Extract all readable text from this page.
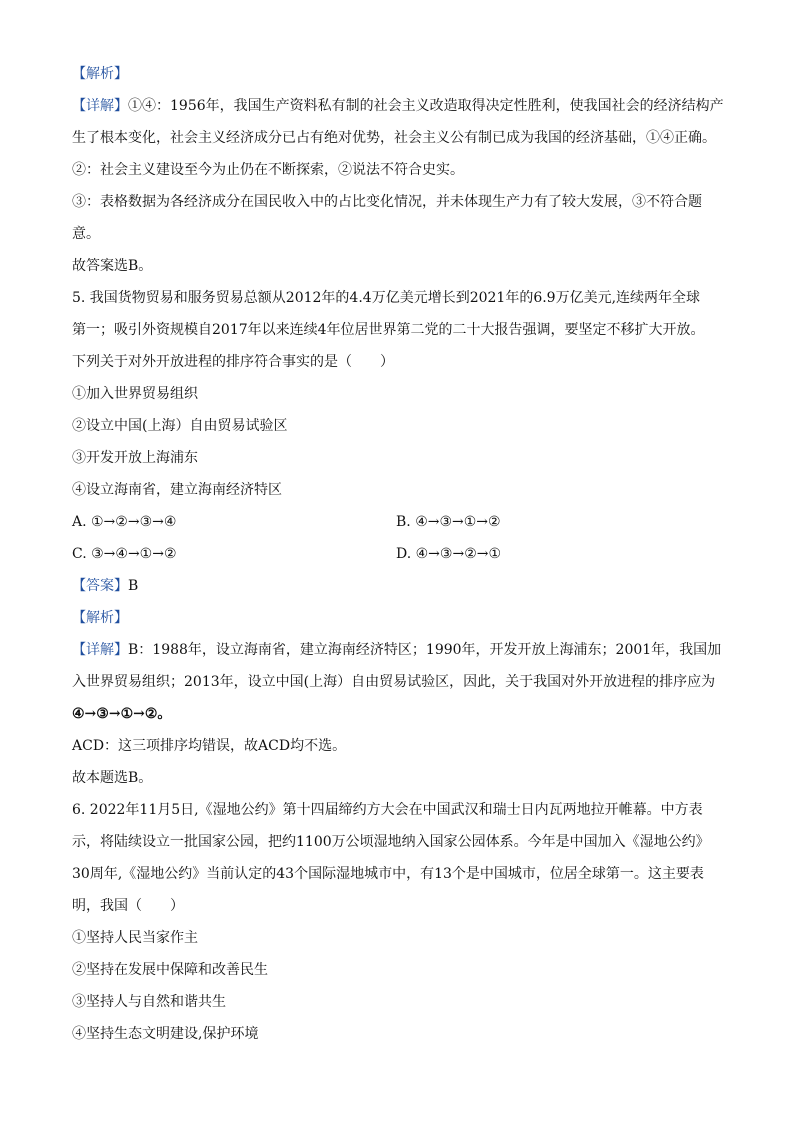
【解析】
【详解】①④：1956年，我国生产资料私有制的社会主义改造取得决定性胜利，使我国社会的经济结构产
生了根本变化，社会主义经济成分已占有绝对优势，社会主义公有制已成为我国的经济基础，①④正确。
②：社会主义建设至今为止仍在不断探索，②说法不符合史实。
③：表格数据为各经济成分在国民收入中的占比变化情况，并未体现生产力有了较大发展，③不符合题
意。
故答案选B。
5. 我国货物贸易和服务贸易总额从2012年的4.4万亿美元增长到2021年的6.9万亿美元,连续两年全球
第一；吸引外资规模自2017年以来连续4年位居世界第二党的二十大报告强调，要坚定不移扩大开放。
下列关于对外开放进程的排序符合事实的是（　　）
①加入世界贸易组织
②设立中国(上海）自由贸易试验区
③开发开放上海浦东
④设立海南省，建立海南经济特区
A. ①→②→③→④	B. ④→③→①→②
C. ③→④→①→②	D. ④→③→②→①
【答案】B
【解析】
【详解】B：1988年，设立海南省，建立海南经济特区；1990年，开发开放上海浦东；2001年，我国加
入世界贸易组织；2013年，设立中国(上海）自由贸易试验区，因此，关于我国对外开放进程的排序应为
④→③→①→②。
ACD：这三项排序均错误，故ACD均不选。
故本题选B。
6. 2022年11月5日,《湿地公约》第十四届缔约方大会在中国武汉和瑞士日内瓦两地拉开帷幕。中方表
示，将陆续设立一批国家公园，把约1100万公顷湿地纳入国家公园体系。今年是中国加入《湿地公约》
30周年,《湿地公约》当前认定的43个国际湿地城市中，有13个是中国城市，位居全球第一。这主要表
明，我国（　　）
①坚持人民当家作主
②坚持在发展中保障和改善民生
③坚持人与自然和谐共生
④坚持生态文明建设,保护环境
